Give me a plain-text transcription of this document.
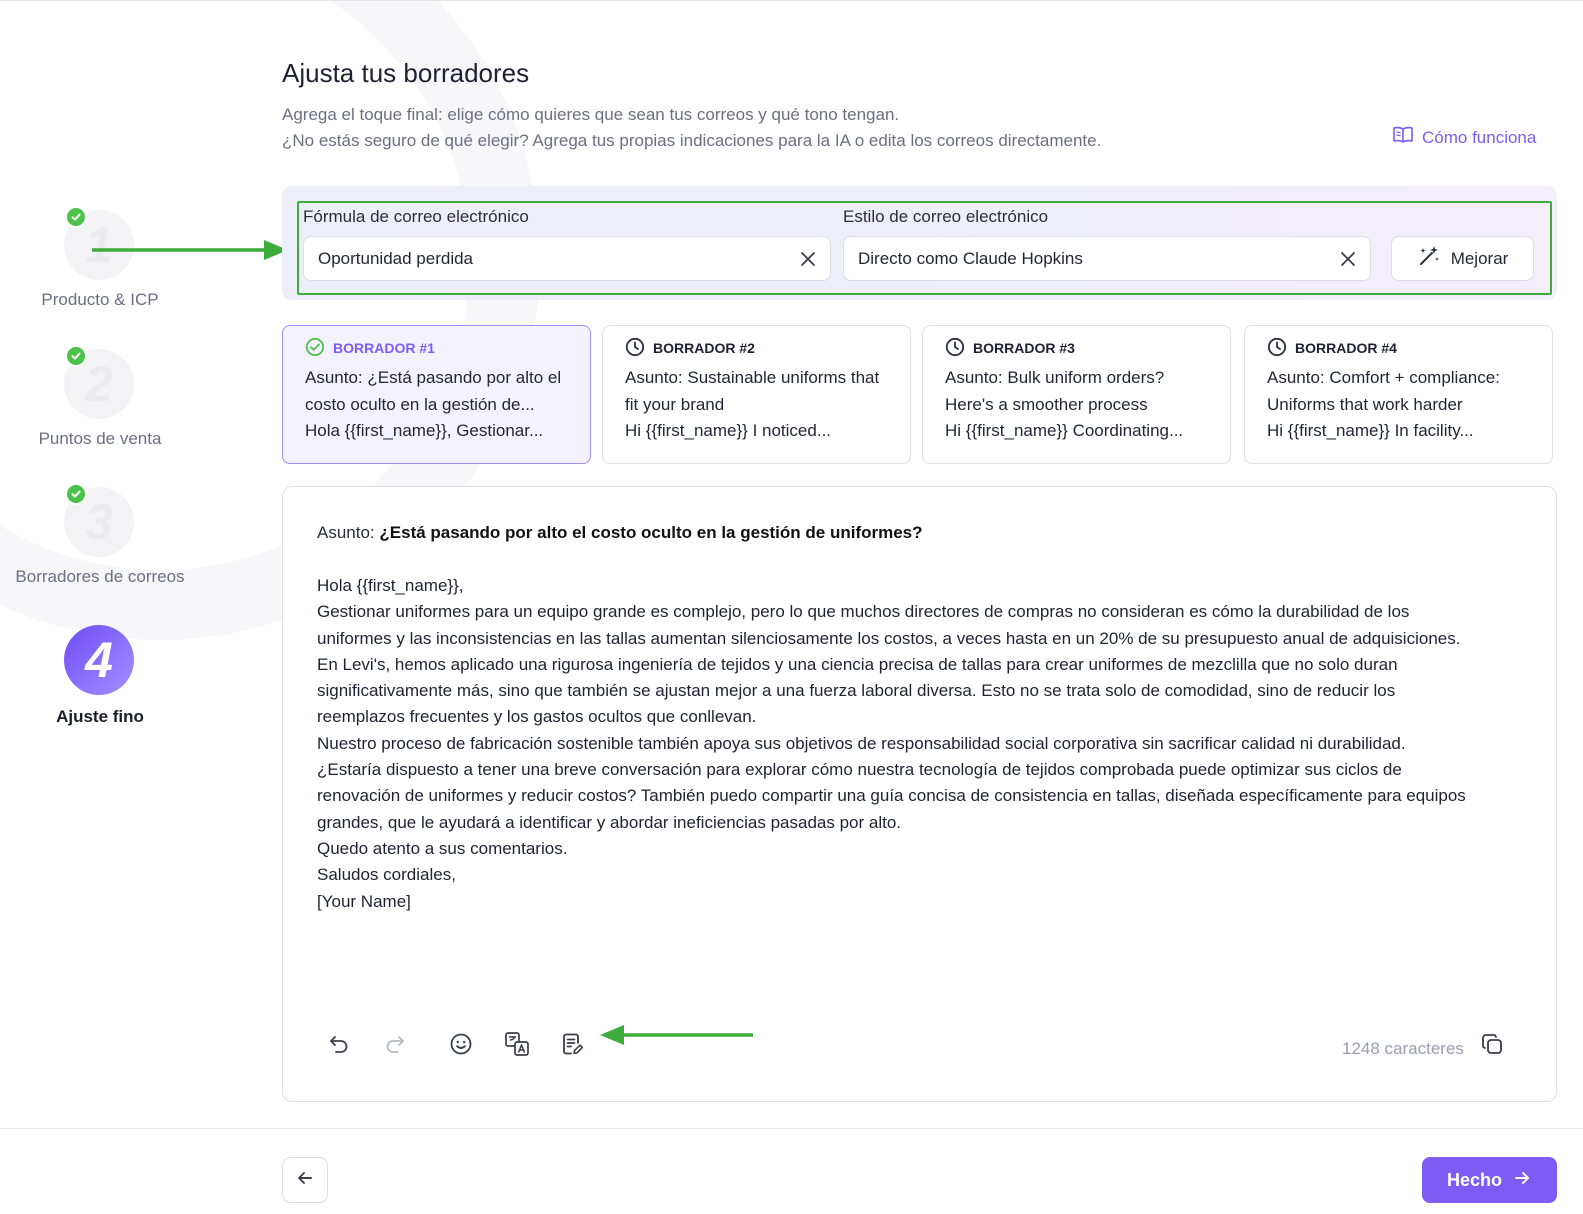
1
Producto & ICP
2
Puntos de venta
3
Borradores de correos
4
Ajuste fino
Ajusta tus borradores
Agrega el toque final: elige cómo quieres que sean tus correos y qué tono tengan.
¿No estás seguro de qué elegir? Agrega tus propias indicaciones para la IA o edita los correos directamente.	Cómo funciona
Fórmula de correo electrónico	Estilo de correo electrónico
Oportunidad perdida	Directo como Claude Hopkins	Mejorar
BORRADOR #1
Asunto: ¿Está pasando por alto el
costo oculto en la gestión de...
Hola {{first_name}}, Gestionar...
BORRADOR #2
Asunto: Sustainable uniforms that
fit your brand
Hi {{first_name}} I noticed...
BORRADOR #3
Asunto: Bulk uniform orders?
Here's a smoother process
Hi {{first_name}} Coordinating...
BORRADOR #4
Asunto: Comfort + compliance:
Uniforms that work harder
Hi {{first_name}} In facility...
Asunto: ¿Está pasando por alto el costo oculto en la gestión de uniformes?
Hola {{first_name}},
Gestionar uniformes para un equipo grande es complejo, pero lo que muchos directores de compras no consideran es cómo la durabilidad de los
uniformes y las inconsistencias en las tallas aumentan silenciosamente los costos, a veces hasta en un 20% de su presupuesto anual de adquisiciones.
En Levi's, hemos aplicado una rigurosa ingeniería de tejidos y una ciencia precisa de tallas para crear uniformes de mezclilla que no solo duran
significativamente más, sino que también se ajustan mejor a una fuerza laboral diversa. Esto no se trata solo de comodidad, sino de reducir los
reemplazos frecuentes y los gastos ocultos que conllevan.
Nuestro proceso de fabricación sostenible también apoya sus objetivos de responsabilidad social corporativa sin sacrificar calidad ni durabilidad.
¿Estaría dispuesto a tener una breve conversación para explorar cómo nuestra tecnología de tejidos comprobada puede optimizar sus ciclos de
renovación de uniformes y reducir costos? También puedo compartir una guía concisa de consistencia en tallas, diseñada específicamente para equipos
grandes, que le ayudará a identificar y abordar ineficiencias pasadas por alto.
Quedo atento a sus comentarios.
Saludos cordiales,
[Your Name]
1248 caracteres
Hecho
